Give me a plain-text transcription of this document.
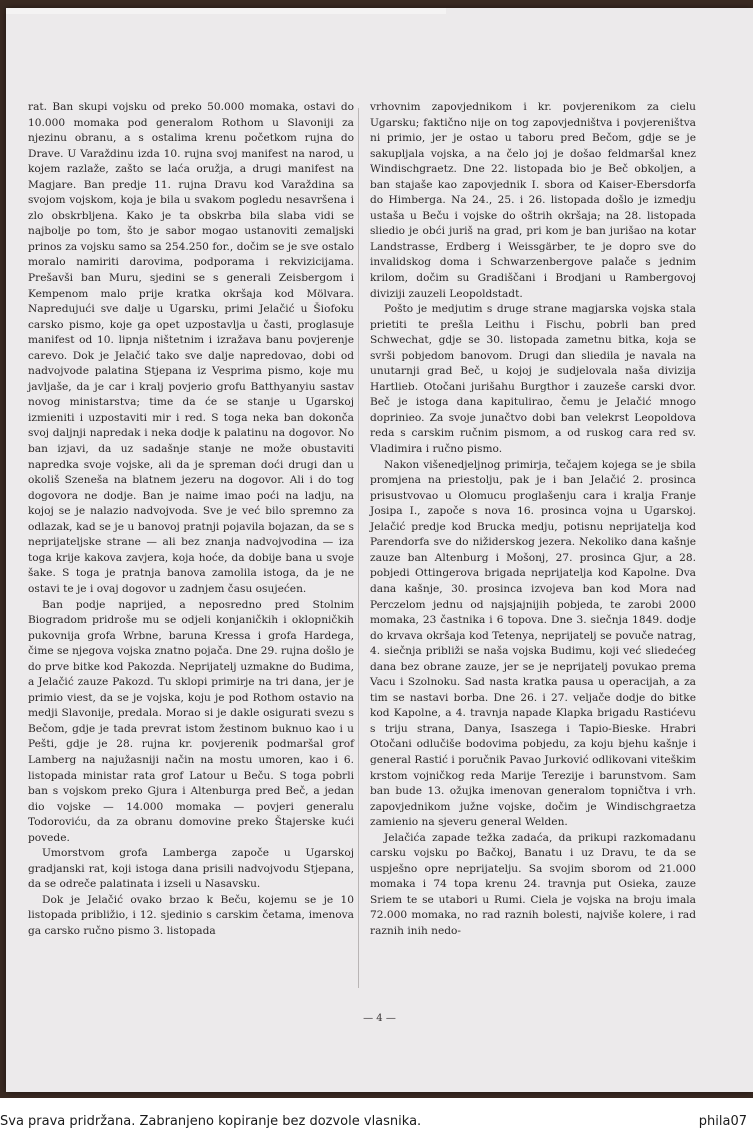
rat. Ban skupi vojsku od preko 50.000 momaka, ostavi do 10.000 momaka pod generalom Rothom u Slavoniji za njezinu obranu, a s ostalima krenu početkom rujna do Drave. U Varaždinu izda 10. rujna svoj manifest na narod, u kojem razlaže, zašto se laća oružja, a drugi manifest na Magjare. Ban predje 11. rujna Dravu kod Varaždina sa svojom vojskom, koja je bila u svakom pogledu nesavršena i zlo obskrbljena. Kako je ta obskrba bila slaba vidi se najbolje po tom, što je sabor mogao ustanoviti zemaljski prinos za vojsku samo sa 254.250 for., dočim se je sve ostalo moralo namiriti darovima, podporama i rekvizicijama. Prešavši ban Muru, sjedini se s generali Zeisbergom i Kempenom malo prije kratka okršaja kod Mölvara. Napredujući sve dalje u Ugarsku, primi Jelačić u Šiofoku carsko pismo, koje ga opet uzpostavlja u časti, proglasuje manifest od 10. lipnja ništetnim i izražava banu povjerenje carevo. Dok je Jelačić tako sve dalje napredovao, dobi od nadvojvode palatina Stjepana iz Vesprima pismo, koje mu javljaše, da je car i kralj povjerio grofu Batthyanyiu sastav novog ministarstva; time da će se stanje u Ugarskoj izmieniti i uzpostaviti mir i red. S toga neka ban dokonča svoj daljnji napredak i neka dodje k palatinu na dogovor. No ban izjavi, da uz sadašnje stanje ne može obustaviti napredka svoje vojske, ali da je spreman doći drugi dan u okoliš Szeneša na blatnem jezeru na dogovor. Ali i do tog dogovora ne dodje. Ban je naime imao poći na ladju, na kojoj se je nalazio nadvojvoda. Sve je već bilo spremno za odlazak, kad se je u banovoj pratnji pojavila bojazan, da se s neprijateljske strane — ali bez znanja nadvojvodina — iza toga krije kakova zavjera, koja hoće, da dobije bana u svoje šake. S toga je pratnja banova zamolila istoga, da je ne ostavi te je i ovaj dogovor u zadnjem času osujećen.

Ban podje naprijed, a neposredno pred Stolnim Biogradom pridroše mu se odjeli konjaničkih i oklopničkih pukovnija grofa Wrbne, baruna Kressa i grofa Hardega, čime se njegova vojska znatno pojača. Dne 29. rujna došlo je do prve bitke kod Pakozda. Neprijatelj uzmakne do Budima, a Jelačić zauze Pakozd. Tu sklopi primirje na tri dana, jer je primio viest, da se je vojska, koju je pod Rothom ostavio na medji Slavonije, predala. Morao si je dakle osigurati svezu s Bečom, gdje je tada prevrat istom žestinom buknuo kao i u Pešti, gdje je 28. rujna kr. povjerenik podmaršal grof Lamberg na najužasniji način na mostu umoren, kao i 6. listopada ministar rata grof Latour u Beču. S toga pobrli ban s vojskom preko Gjura i Altenburga pred Beč, a jedan dio vojske — 14.000 momaka — povjeri generalu Todoroviću, da za obranu domovine preko Štajerske kući povede.

Umorstvom grofa Lamberga započe u Ugarskoj gradjanski rat, koji istoga dana prisili nadvojvodu Stjepana, da se odreče palatinata i izseli u Nasavsku.

Dok je Jelačić ovako brzao k Beču, kojemu se je 10 listopada približio, i 12. sjedinio s carskim četama, imenova ga carsko ručno pismo 3. listopada

vrhovnim zapovjednikom i kr. povjerenikom za cielu Ugarsku; faktično nije on tog zapovjedništva i povjereništva ni primio, jer je ostao u taboru pred Bečom, gdje se je sakupljala vojska, a na čelo joj je došao feldmaršal knez Windischgraetz. Dne 22. listopada bio je Beč obkoljen, a ban stajaše kao zapovjednik I. sbora od Kaiser-Ebersdorfa do Himberga. Na 24., 25. i 26. listopada došlo je izmedju ustaša u Beču i vojske do oštrih okršaja; na 28. listopada sliedio je obći juriš na grad, pri kom je ban jurišao na kotar Landstrasse, Erdberg i Weissgärber, te je dopro sve do invalidskog doma i Schwarzenbergove palače s jednim krilom, dočim su Gradiščani i Brodjani u Rambergovoj diviziji zauzeli Leopoldstadt.

Pošto je medjutim s druge strane magjarska vojska stala prietiti te prešla Leithu i Fischu, pobrli ban pred Schwechat, gdje se 30. listopada zametnu bitka, koja se svrši pobjedom banovom. Drugi dan sliedila je navala na unutarnji grad Beč, u kojoj je sudjelovala naša divizija Hartlieb. Otočani jurišahu Burgthor i zauzeše carski dvor. Beč je istoga dana kapitulirao, čemu je Jelačić mnogo doprinieo. Za svoje junačtvo dobi ban velekrst Leopoldova reda s carskim ručnim pismom, a od ruskog cara red sv. Vladimira i ručno pismo.

Nakon višenedjeljnog primirja, tečajem kojega se je sbila promjena na priestolju, pak je i ban Jelačić 2. prosinca prisustvovao u Olomucu proglašenju cara i kralja Franje Josipa I., započe s nova 16. prosinca vojna u Ugarskoj. Jelačić predje kod Brucka medju, potisnu neprijatelja kod Parendorfa sve do nižiderskog jezera. Nekoliko dana kašnje zauze ban Altenburg i Mošonj, 27. prosinca Gjur, a 28. pobjedi Ottingerova brigada neprijatelja kod Kapolne. Dva dana kašnje, 30. prosinca izvojeva ban kod Mora nad Perczelom jednu od najsjajnijih pobjeda, te zarobi 2000 momaka, 23 častnika i 6 topova. Dne 3. siečnja 1849. dodje do krvava okršaja kod Tetenya, neprijatelj se povuče natrag, 4. siečnja približi se naša vojska Budimu, koji već sliedećeg dana bez obrane zauze, jer se je neprijatelj povukao prema Vacu i Szolnoku. Sad nasta kratka pausa u operacijah, a za tim se nastavi borba. Dne 26. i 27. veljače dodje do bitke kod Kapolne, a 4. travnja napade Klapka brigadu Rastićevu s triju strana, Danya, Isaszega i Tapio-Bieske. Hrabri Otočani odlučiše bodovima pobjedu, za koju bjehu kašnje i general Rastić i poručnik Pavao Jurković odlikovani viteškim krstom vojničkog reda Marije Terezije i barunstvom. Sam ban bude 13. ožujka imenovan generalom topničtva i vrh. zapovjednikom južne vojske, dočim je Windischgraetza zamienio na sjeveru general Welden.

Jelačića zapade težka zadaća, da prikupi razkomadanu carsku vojsku po Bačkoj, Banatu i uz Dravu, te da se uspješno opre neprijatelju. Sa svojim sborom od 21.000 momaka i 74 topa krenu 24. travnja put Osieka, zauze Sriem te se utabori u Rumi. Ciela je vojska na broju imala 72.000 momaka, no rad raznih bolesti, najviše kolere, i rad raznih inih nedo-

— 4 —
Sva prava pridržana. Zabranjeno kopiranje bez dozvole vlasnika.	phila07
